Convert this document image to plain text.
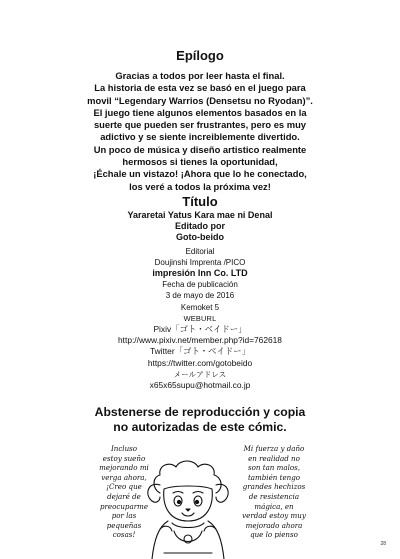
Epílogo
Gracias a todos por leer hasta el final.
La historia de esta vez se basó en el juego para
movil “Legendary Warrios (Densetsu no Ryodan)”.
El juego tiene algunos elementos basados en la
suerte que pueden ser frustrantes, pero es muy
adictivo y se siente increiblemente divertido.
Un poco de música y diseño artistico realmente
hermosos si tienes la oportunidad,
¡Échale un vistazo! ¡Ahora que lo he conectado,
los veré a todos la próxima vez!
Título
Yararetai Yatus Kara mae ni Denal
Editado por
Goto-beido
Editorial
Doujinshi Imprenta /PICO
impresión Inn Co. LTD
Fecha de publicación
3 de mayo de 2016
Kemoket 5
WEBURL
Pixiv「ゴト・ベイドー」
http://www.pixiv.net/member.php?id=762618
Twitter「ゴト・ベイドー」
https://twitter.com/gotobeido
メールアドレス
x65x65supu@hotmail.co.jp
Abstenerse de reproducción y copia
no autorizadas de este cómic.
Incluso
estoy sueño
mejorando mi
verga ahora,
¡Creo que
dejaré de
preocuparme
por las
pequeñas
cosas!
Mi fuerza y daño
en realidad no
son tan malos,
también tengo
grandes hechizos
de resistencia
mágica, en
verdad estoy muy
mejorado ahora
que lo pienso
28
